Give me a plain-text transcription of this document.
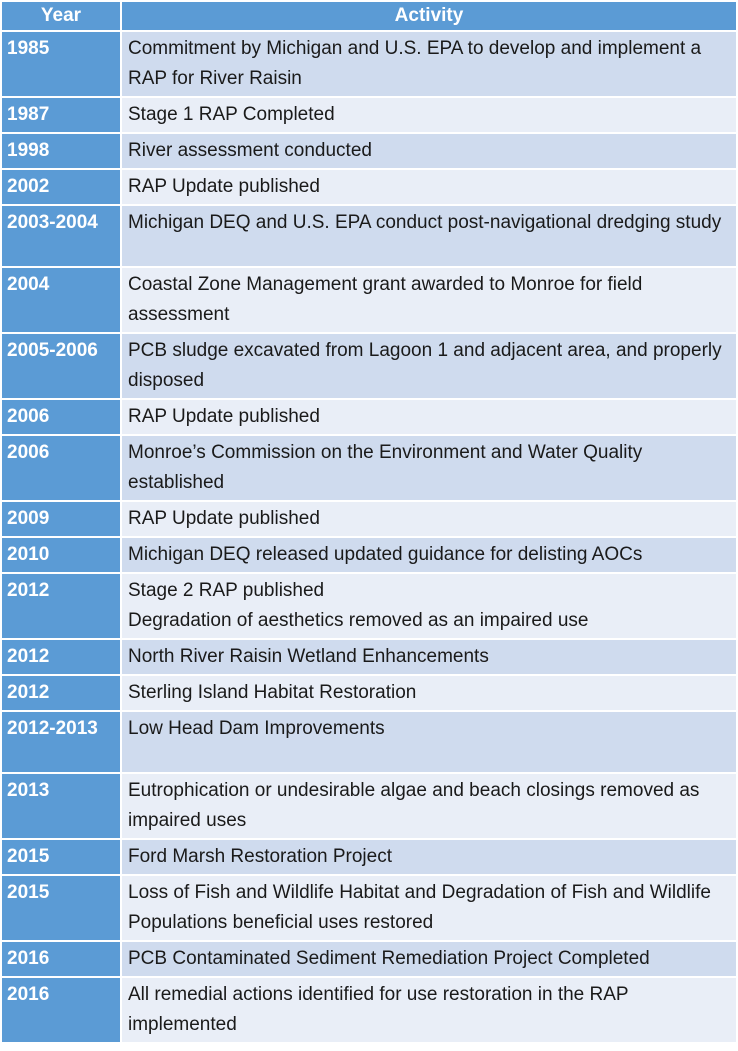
Year	Activity
1985	Commitment by Michigan and U.S. EPA to develop and implement a RAP for River Raisin
1987	Stage 1 RAP Completed
1998	River assessment conducted
2002	RAP Update published
2003-2004	Michigan DEQ and U.S. EPA conduct post-navigational dredging study
2004	Coastal Zone Management grant awarded to Monroe for field assessment
2005-2006	PCB sludge excavated from Lagoon 1 and adjacent area, and properly disposed
2006	RAP Update published
2006	Monroe’s Commission on the Environment and Water Quality established
2009	RAP Update published
2010	Michigan DEQ released updated guidance for delisting AOCs
2012	Stage 2 RAP published
Degradation of aesthetics removed as an impaired use

2012	North River Raisin Wetland Enhancements
2012	Sterling Island Habitat Restoration
2012-2013	Low Head Dam Improvements
2013	Eutrophication or undesirable algae and beach closings removed as impaired uses
2015	Ford Marsh Restoration Project
2015	Loss of Fish and Wildlife Habitat and Degradation of Fish and Wildlife Populations beneficial uses restored
2016	PCB Contaminated Sediment Remediation Project Completed
2016	All remedial actions identified for use restoration in the RAP implemented
